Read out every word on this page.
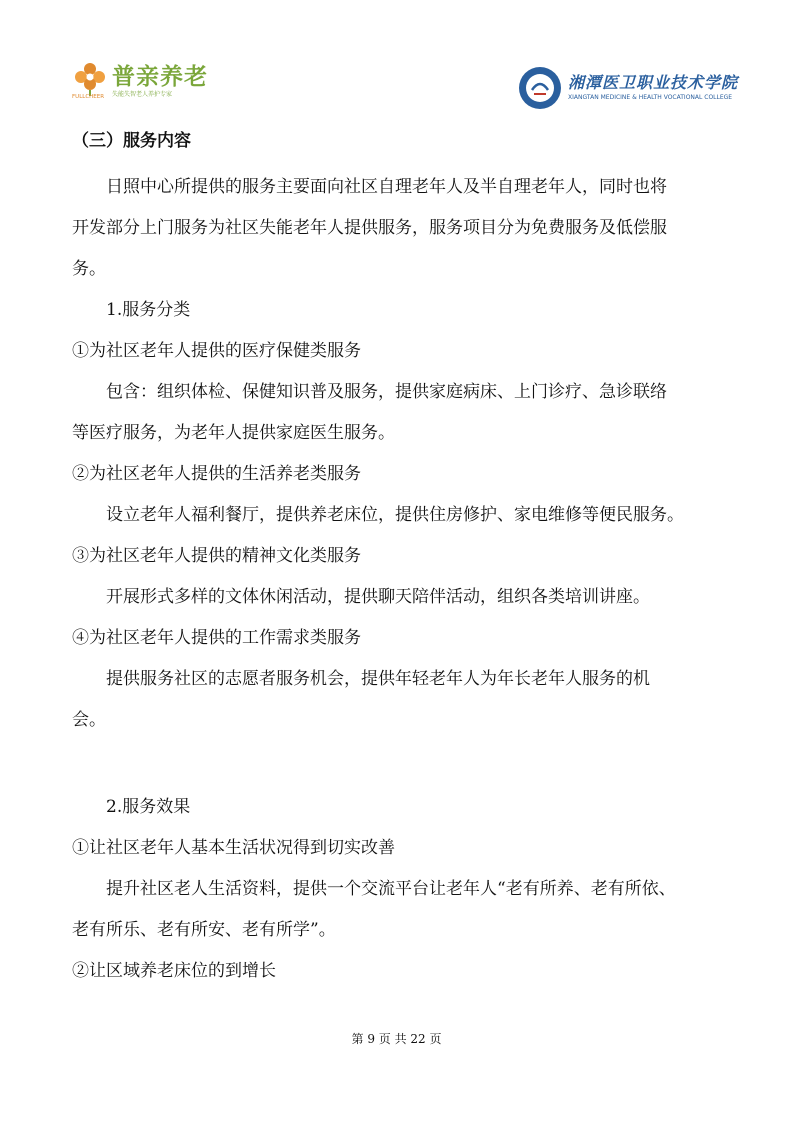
普亲养老
失能失智老人养护专家
FULLCHEER
湘潭医卫职业技术学院
XIANGTAN MEDICINE & HEALTH VOCATIONAL COLLEGE
（三）服务内容
日照中心所提供的服务主要面向社区自理老年人及半自理老年人，同时也将
开发部分上门服务为社区失能老年人提供服务，服务项目分为免费服务及低偿服
务。
1.服务分类
①为社区老年人提供的医疗保健类服务
包含：组织体检、保健知识普及服务，提供家庭病床、上门诊疗、急诊联络
等医疗服务，为老年人提供家庭医生服务。
②为社区老年人提供的生活养老类服务
设立老年人福利餐厅，提供养老床位，提供住房修护、家电维修等便民服务。
③为社区老年人提供的精神文化类服务
开展形式多样的文体休闲活动，提供聊天陪伴活动，组织各类培训讲座。
④为社区老年人提供的工作需求类服务
提供服务社区的志愿者服务机会，提供年轻老年人为年长老年人服务的机
会。
2.服务效果
①让社区老年人基本生活状况得到切实改善
提升社区老人生活资料，提供一个交流平台让老年人“老有所养、老有所依、
老有所乐、老有所安、老有所学”。
②让区域养老床位的到增长
第 9 页 共 22 页
